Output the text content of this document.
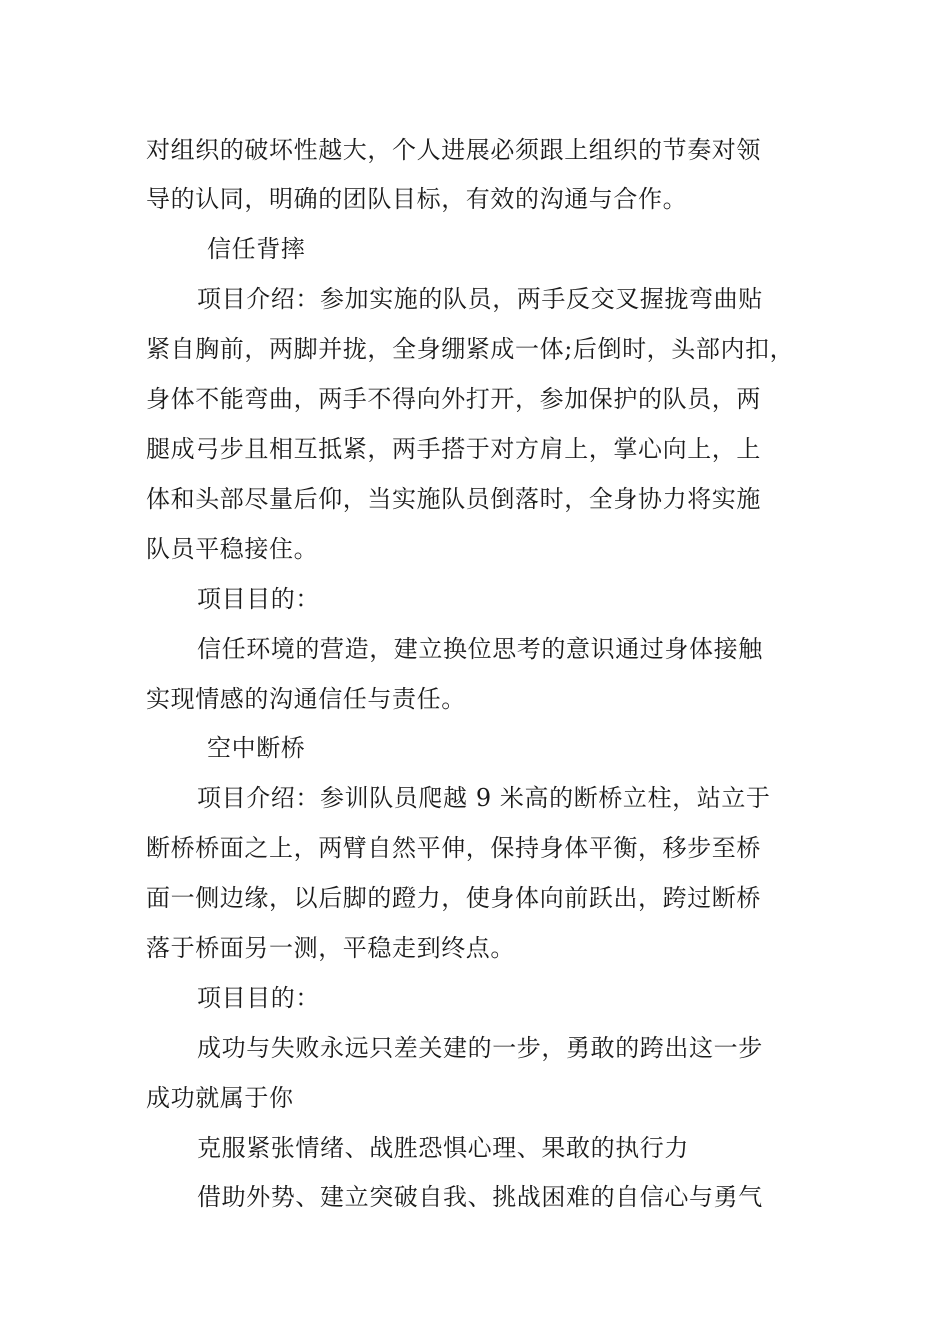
对组织的破坏性越大，个人进展必须跟上组织的节奏对领
导的认同，明确的团队目标，有效的沟通与合作。
信任背摔
项目介绍：参加实施的队员，两手反交叉握拢弯曲贴
紧自胸前，两脚并拢，全身绷紧成一体;后倒时，头部内扣，
身体不能弯曲，两手不得向外打开，参加保护的队员，两
腿成弓步且相互抵紧，两手搭于对方肩上，掌心向上，上
体和头部尽量后仰，当实施队员倒落时，全身协力将实施
队员平稳接住。
项目目的：
信任环境的营造，建立换位思考的意识通过身体接触
实现情感的沟通信任与责任。
空中断桥
项目介绍：参训队员爬越 9 米高的断桥立柱，站立于
断桥桥面之上，两臂自然平伸，保持身体平衡，移步至桥
面一侧边缘，以后脚的蹬力，使身体向前跃出，跨过断桥
落于桥面另一测，平稳走到终点。
项目目的：
成功与失败永远只差关建的一步，勇敢的跨出这一步
成功就属于你
克服紧张情绪、战胜恐惧心理、果敢的执行力
借助外势、建立突破自我、挑战困难的自信心与勇气
